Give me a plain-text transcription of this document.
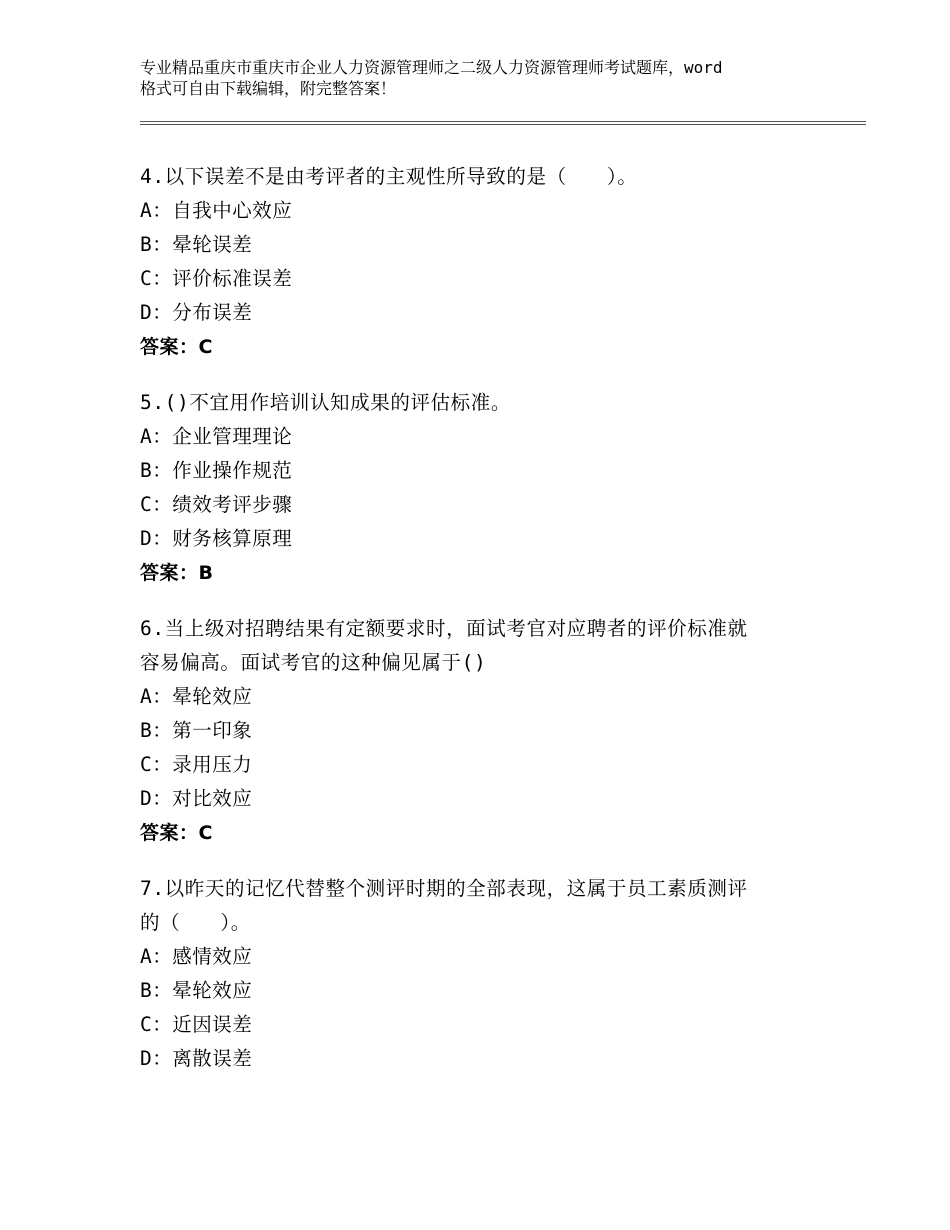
专业精品重庆市重庆市企业人力资源管理师之二级人力资源管理师考试题库，word
格式可自由下载编辑，附完整答案！
4.以下误差不是由考评者的主观性所导致的是（　　）。
A：自我中心效应
B：晕轮误差
C：评价标准误差
D：分布误差
答案：C
5.()不宜用作培训认知成果的评估标准。
A：企业管理理论
B：作业操作规范
C：绩效考评步骤
D：财务核算原理
答案：B
6.当上级对招聘结果有定额要求时，面试考官对应聘者的评价标准就
容易偏高。面试考官的这种偏见属于()
A：晕轮效应
B：第一印象
C：录用压力
D：对比效应
答案：C
7.以昨天的记忆代替整个测评时期的全部表现，这属于员工素质测评
的（　　）。
A：感情效应
B：晕轮效应
C：近因误差
D：离散误差
